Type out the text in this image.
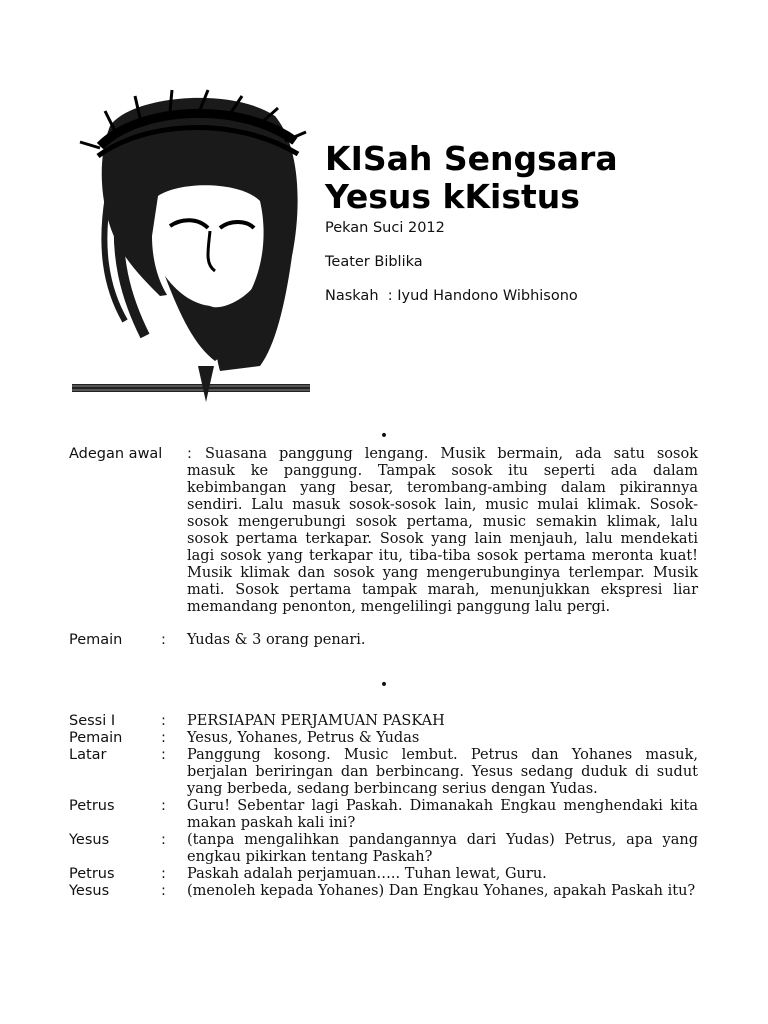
KISah Sengsara
Yesus kKistus

Pekan Suci 2012

Teater Biblika

Naskah : Iyud Handono Wibhisono

•
Adegan awal	: Suasana panggung lengang. Musik bermain, ada satu sosok masuk ke panggung. Tampak sosok itu seperti ada dalam kebimbangan yang besar, terombang-ambing dalam pikirannya sendiri. Lalu masuk sosok-sosok lain, music mulai klimak. Sosok-sosok mengerubungi sosok pertama, music semakin klimak, lalu sosok pertama terkapar. Sosok yang lain menjauh, lalu mendekati lagi sosok yang terkapar itu, tiba-tiba sosok pertama meronta kuat! Musik klimak dan sosok yang mengerubunginya terlempar. Musik mati. Sosok pertama tampak marah, menunjukkan ekspresi liar memandang penonton, mengelilingi panggung lalu pergi.
Pemain	: Yudas & 3 orang penari.
•
Sessi I	: PERSIAPAN PERJAMUAN PASKAH
Pemain	: Yesus, Yohanes, Petrus & Yudas
Latar	: Panggung kosong. Music lembut. Petrus dan Yohanes masuk, berjalan beriringan dan berbincang. Yesus sedang duduk di sudut yang berbeda, sedang berbincang serius dengan Yudas.
Petrus	: Guru! Sebentar lagi Paskah. Dimanakah Engkau menghendaki kita makan paskah kali ini?
Yesus	: (tanpa mengalihkan pandangannya dari Yudas) Petrus, apa yang engkau pikirkan tentang Paskah?
Petrus	: Paskah adalah perjamuan….. Tuhan lewat, Guru.
Yesus	: (menoleh kepada Yohanes) Dan Engkau Yohanes, apakah Paskah itu?
